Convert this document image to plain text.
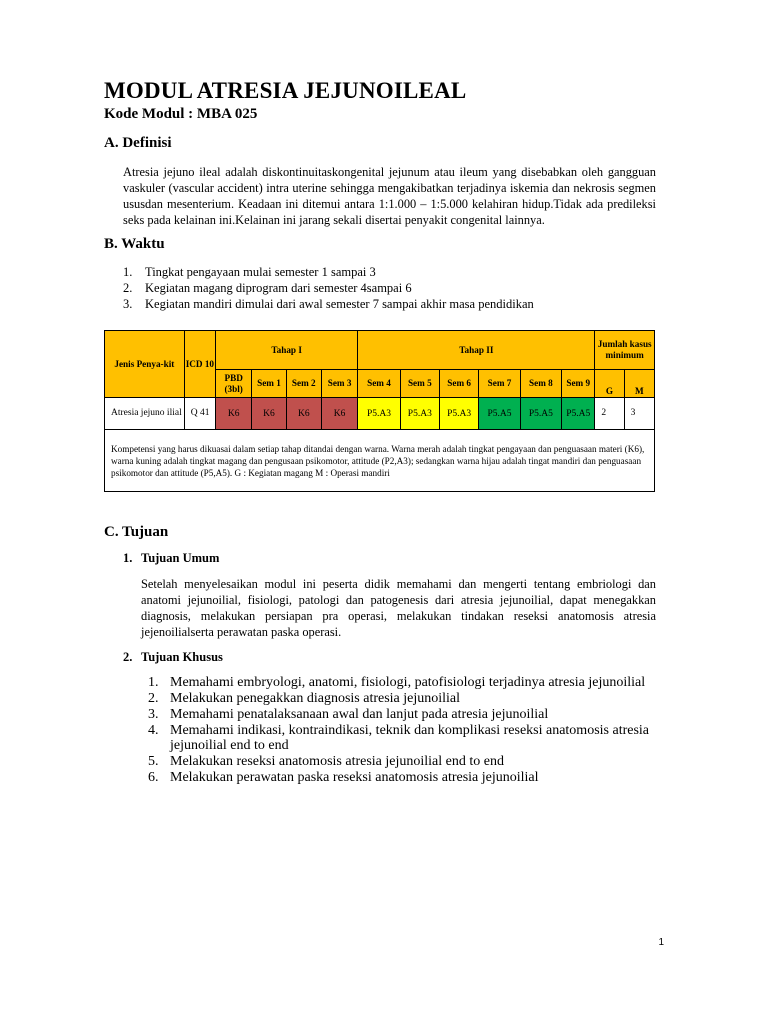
MODUL ATRESIA JEJUNOILEAL
Kode Modul : MBA 025
A. Definisi
Atresia jejuno ileal adalah diskontinuitaskongenital jejunum atau ileum yang disebabkan oleh gangguan vaskuler (vascular accident) intra uterine sehingga mengakibatkan terjadinya iskemia dan nekrosis segmen ususdan mesenterium. Keadaan ini ditemui antara 1:1.000 – 1:5.000 kelahiran hidup.Tidak ada predileksi seks pada kelainan ini.Kelainan ini jarang sekali disertai penyakit congenital lainnya.
B. Waktu
1. Tingkat pengayaan mulai semester 1 sampai 3
2. Kegiatan magang diprogram dari semester 4sampai 6
3. Kegiatan mandiri dimulai dari awal semester 7 sampai akhir masa pendidikan
Jenis Penya-kit	ICD 10	Tahap I				Tahap II						Jumlah kasus minimum	
		PBD (3bl)	Sem 1	Sem 2	Sem 3	Sem 4	Sem 5	Sem 6	Sem 7	Sem 8	Sem 9	G	M
Atresia jejuno ilial	Q 41	K6	K6	K6	K6	P5.A3	P5.A3	P5.A3	P5.A5	P5.A5	P5.A5	2	3
Kompetensi yang harus dikuasai dalam setiap tahap ditandai dengan warna. Warna merah adalah tingkat pengayaan dan penguasaan materi (K6), warna kuning adalah tingkat magang dan pengusaan psikomotor, attitude (P2,A3); sedangkan warna hijau adalah tingat mandiri dan penguasaan psikomotor dan attitude (P5,A5). G : Kegiatan magang M : Operasi mandiri													
C. Tujuan
1. Tujuan Umum
Setelah menyelesaikan modul ini peserta didik memahami dan mengerti tentang embriologi dan anatomi jejunoilial, fisiologi, patologi dan patogenesis dari atresia jejunoilial, dapat menegakkan diagnosis, melakukan persiapan pra operasi, melakukan tindakan reseksi anatomosis atresia jejenoilialserta perawatan paska operasi.
2. Tujuan Khusus
1. Memahami embryologi, anatomi, fisiologi, patofisiologi terjadinya atresia jejunoilial
2. Melakukan penegakkan diagnosis atresia jejunoilial
3. Memahami penatalaksanaan awal dan lanjut pada atresia jejunoilial
4. Memahami indikasi, kontraindikasi, teknik dan komplikasi reseksi anatomosis atresia jejunoilial end to end
5. Melakukan reseksi anatomosis atresia jejunoilial end to end
6. Melakukan perawatan paska reseksi anatomosis atresia jejunoilial
1
